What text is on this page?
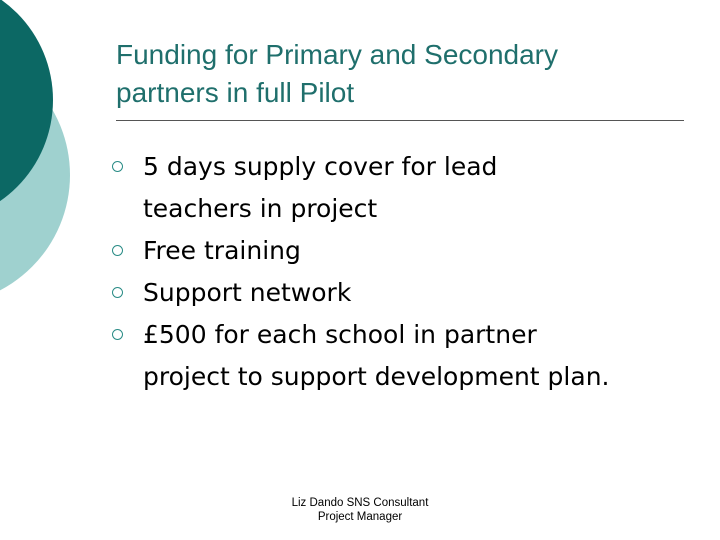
Funding for Primary and Secondary
partners in full Pilot
5 days supply cover for lead
teachers in project
Free training
Support network
£500 for each school in partner
project to support development plan.
Liz Dando SNS Consultant
Project Manager
